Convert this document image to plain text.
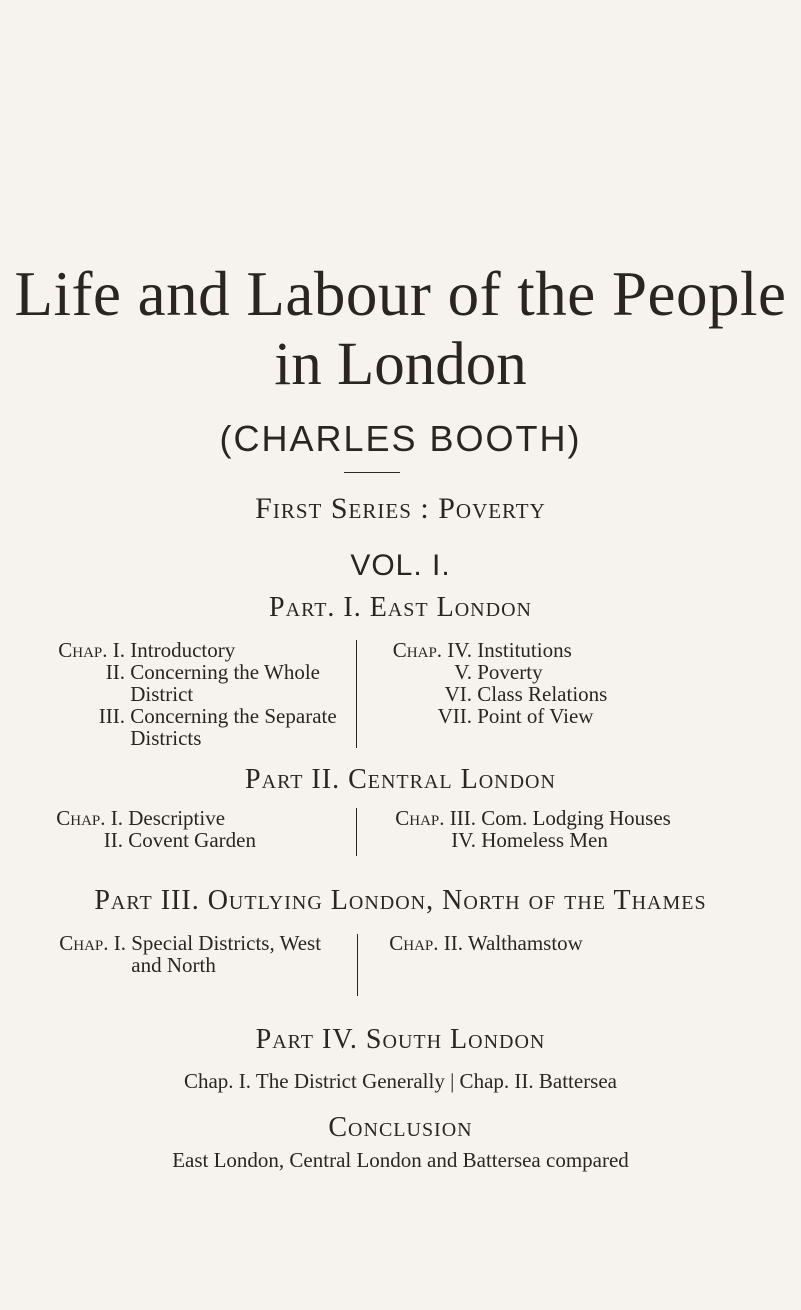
Life and Labour of the People
in London
(CHARLES BOOTH)
First Series : Poverty
VOL. I.
Part. I. East London
Chap. I. Introductory
II. Concerning the Whole
District
III. Concerning the Separate
Districts
Chap. IV. Institutions
V. Poverty
VI. Class Relations
VII. Point of View
Part II. Central London
Chap. I. Descriptive
II. Covent Garden
Chap. III. Com. Lodging Houses
IV. Homeless Men
Part III. Outlying London, North of the Thames
Chap. I. Special Districts, West
and North
Chap. II. Walthamstow
Part IV. South London
Chap. I. The District Generally | Chap. II. Battersea
Conclusion
East London, Central London and Battersea compared
